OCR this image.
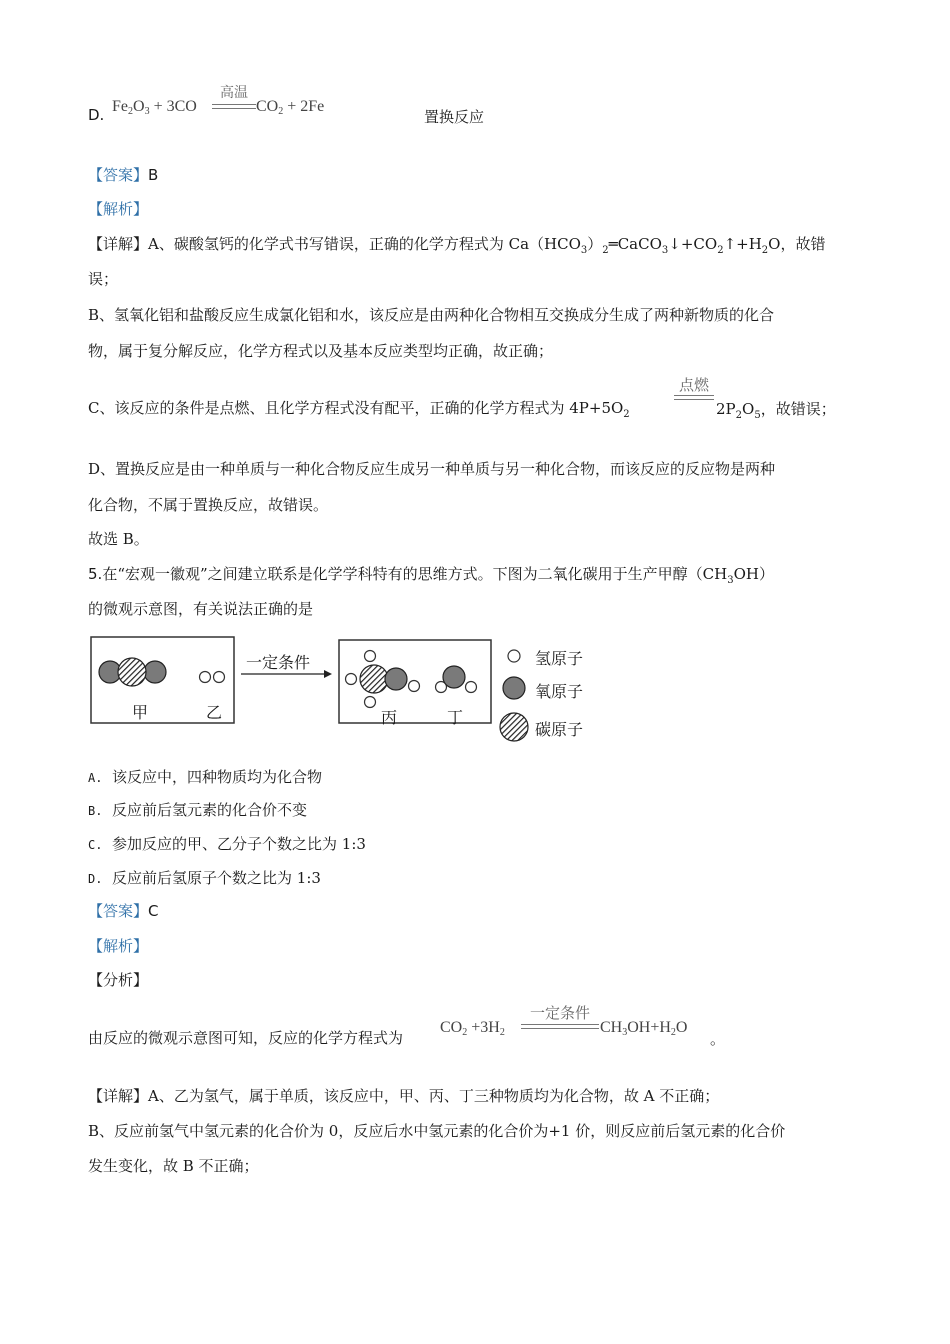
D. $Fe_2O_3 + 3CO$
高温
$CO_2 + 2Fe$
置换反应
【答案】B
【解析】
【详解】A、碳酸氢钙的化学式书写错误，正确的化学方程式为 $Ca(HCO_3)_2═CaCO_3↓+CO_2↑+H_2O$，故错
误；
B、氢氧化铝和盐酸反应生成氯化铝和水，该反应是由两种化合物相互交换成分生成了两种新物质的化合
物，属于复分解反应，化学方程式以及基本反应类型均正确，故正确；
C、该反应的条件是点燃、且化学方程式没有配平，正确的化学方程式为 $4P+5O_2$
点燃
$2P_2O_5$，故错误；
D、置换反应是由一种单质与一种化合物反应生成另一种单质与另一种化合物，而该反应的反应物是两种
化合物，不属于置换反应，故错误。
故选 B。
5.在“宏观一徽观”之间建立联系是化学学科特有的思维方式。下图为二氧化碳用于生产甲醇$(CH_3OH)$
的微观示意图，有关说法正确的是
一定条件
甲	乙	丙	丁
氢原子
氧原子
碳原子
A. 该反应中，四种物质均为化合物
B. 反应前后氢元素的化合价不变
C. 参加反应的甲、乙分子个数之比为 1:3
D. 反应前后氢原子个数之比为 1:3
【答案】C
【解析】
【分析】
由反应的微观示意图可知，反应的化学方程式为
$CO_2 +3H_2$
一定条件
$CH_3OH+H_2O$
。
【详解】A、乙为氢气，属于单质，该反应中，甲、丙、丁三种物质均为化合物，故 A 不正确；
B、反应前氢气中氢元素的化合价为 0，反应后水中氢元素的化合价为+1 价，则反应前后氢元素的化合价
发生变化，故 B 不正确；
